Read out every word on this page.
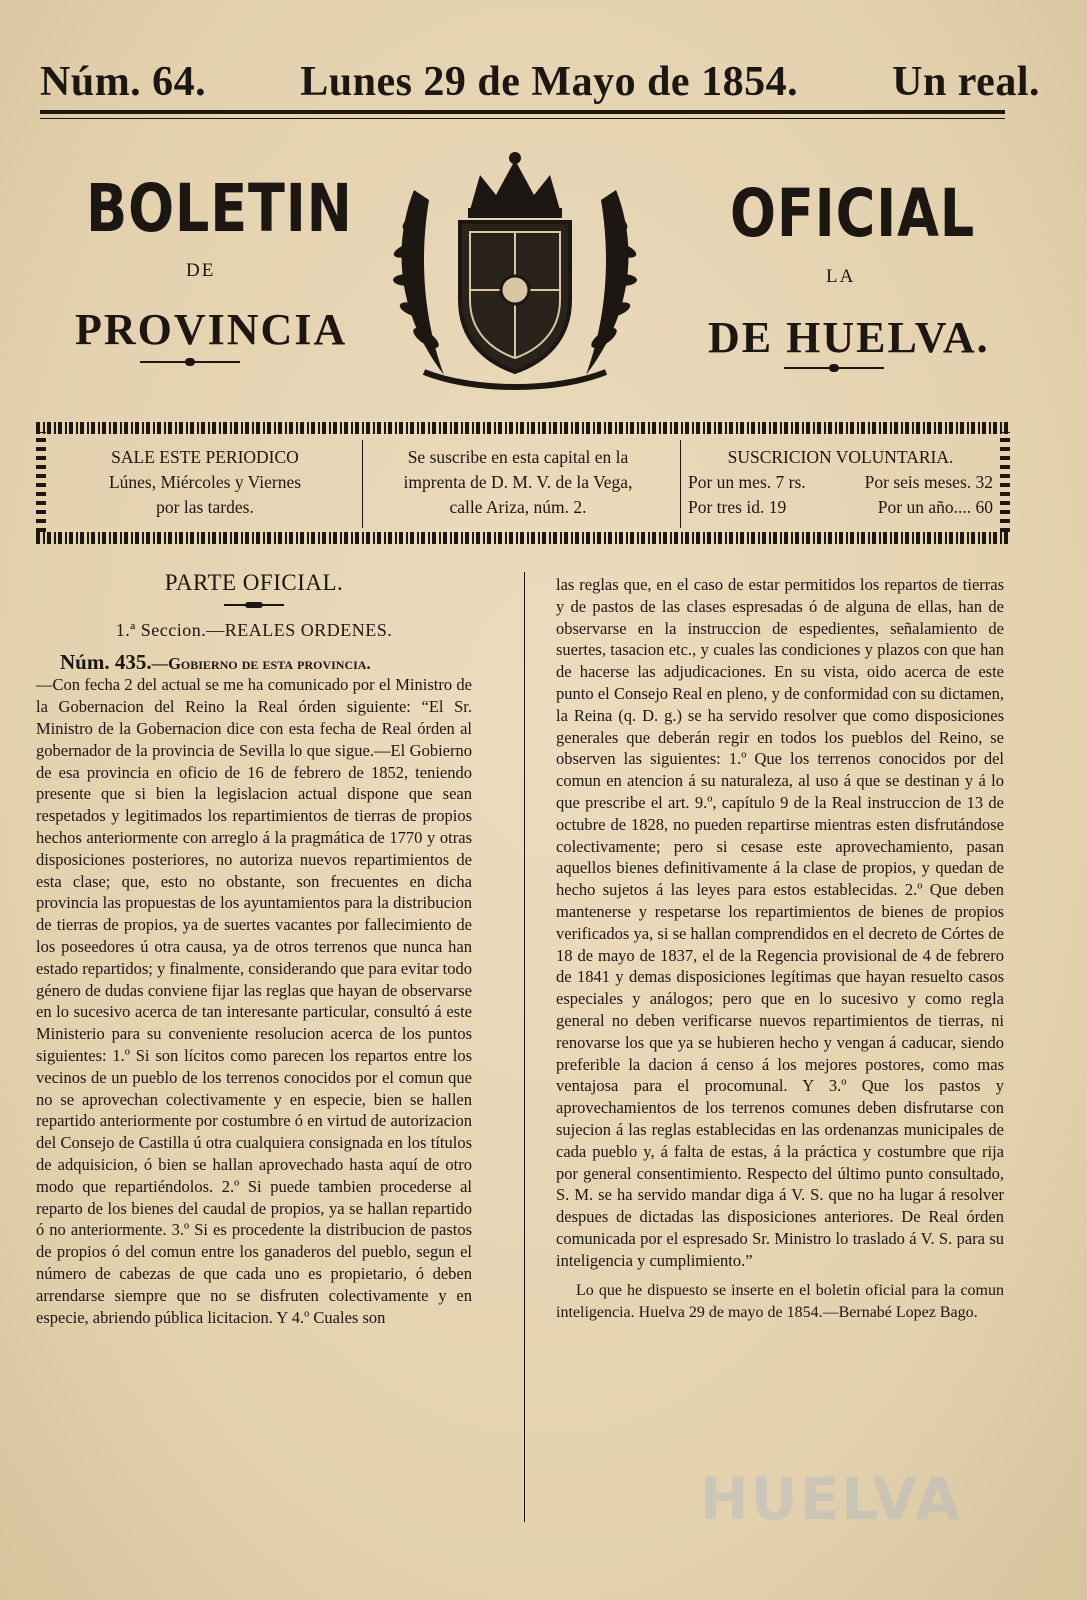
Núm. 64. Lunes 29 de Mayo de 1854. Un real.
BOLETIN	OFICIAL
DE	LA
PROVINCIA	DE HUELVA.
SALE ESTE PERIODICO
Lúnes, Miércoles y Viernes
por las tardes.
Se suscribe en esta capital en la
imprenta de D. M. V. de la Vega,
calle Ariza, núm. 2.
SUSCRICION VOLUNTARIA.
Por un mes. 7 rs.	Por seis meses. 32
Por tres id. 19	Por un año.... 60

PARTE OFICIAL.

1.ª Seccion.—REALES ORDENES.

Núm. 435.—Gobierno de esta provincia.

—Con fecha 2 del actual se me ha comunicado por el Ministro de la Gobernacion del Reino la Real órden siguiente: “El Sr. Ministro de la Gobernacion dice con esta fecha de Real órden al gobernador de la provincia de Sevilla lo que sigue.—El Gobierno de esa provincia en oficio de 16 de febrero de 1852, teniendo presente que si bien la legislacion actual dispone que sean respetados y legitimados los repartimientos de tierras de propios hechos anteriormente con arreglo á la pragmática de 1770 y otras disposiciones posteriores, no autoriza nuevos repartimientos de esta clase; que, esto no obstante, son frecuentes en dicha provincia las propuestas de los ayuntamientos para la distribucion de tierras de propios, ya de suertes vacantes por fallecimiento de los poseedores ú otra causa, ya de otros terrenos que nunca han estado repartidos; y finalmente, considerando que para evitar todo género de dudas conviene fijar las reglas que hayan de observarse en lo sucesivo acerca de tan interesante particular, consultó á este Ministerio para su conveniente resolucion acerca de los puntos siguientes: 1.º Si son lícitos como parecen los repartos entre los vecinos de un pueblo de los terrenos conocidos por el comun que no se aprovechan colectivamente y en especie, bien se hallen repartido anteriormente por costumbre ó en virtud de autorizacion del Consejo de Castilla ú otra cualquiera consignada en los títulos de adquisicion, ó bien se hallan aprovechado hasta aquí de otro modo que repartiéndolos. 2.º Si puede tambien procederse al reparto de los bienes del caudal de propios, ya se hallan repartido ó no anteriormente. 3.º Si es procedente la distribucion de pastos de propios ó del comun entre los ganaderos del pueblo, segun el número de cabezas de que cada uno es propietario, ó deben arrendarse siempre que no se disfruten colectivamente y en especie, abriendo pública licitacion. Y 4.º Cuales son

las reglas que, en el caso de estar permitidos los repartos de tierras y de pastos de las clases espresadas ó de alguna de ellas, han de observarse en la instruccion de espedientes, señalamiento de suertes, tasacion etc., y cuales las condiciones y plazos con que han de hacerse las adjudicaciones. En su vista, oido acerca de este punto el Consejo Real en pleno, y de conformidad con su dictamen, la Reina (q. D. g.) se ha servido resolver que como disposiciones generales que deberán regir en todos los pueblos del Reino, se observen las siguientes: 1.º Que los terrenos conocidos por del comun en atencion á su naturaleza, al uso á que se destinan y á lo que prescribe el art. 9.º, capítulo 9 de la Real instruccion de 13 de octubre de 1828, no pueden repartirse mientras esten disfrutándose colectivamente; pero si cesase este aprovechamiento, pasan aquellos bienes definitivamente á la clase de propios, y quedan de hecho sujetos á las leyes para estos establecidas. 2.º Que deben mantenerse y respetarse los repartimientos de bienes de propios verificados ya, si se hallan comprendidos en el decreto de Córtes de 18 de mayo de 1837, el de la Regencia provisional de 4 de febrero de 1841 y demas disposiciones legítimas que hayan resuelto casos especiales y análogos; pero que en lo sucesivo y como regla general no deben verificarse nuevos repartimientos de tierras, ni renovarse los que ya se hubieren hecho y vengan á caducar, siendo preferible la dacion á censo á los mejores postores, como mas ventajosa para el procomunal. Y 3.º Que los pastos y aprovechamientos de los terrenos comunes deben disfrutarse con sujecion á las reglas establecidas en las ordenanzas municipales de cada pueblo y, á falta de estas, á la práctica y costumbre que rija por general consentimiento. Respecto del último punto consultado, S. M. se ha servido mandar diga á V. S. que no ha lugar á resolver despues de dictadas las disposiciones anteriores. De Real órden comunicada por el espresado Sr. Ministro lo traslado á V. S. para su inteligencia y cumplimiento.”

Lo que he dispuesto se inserte en el boletin oficial para la comun inteligencia. Huelva 29 de mayo de 1854.—Bernabé Lopez Bago.

HUELVA
